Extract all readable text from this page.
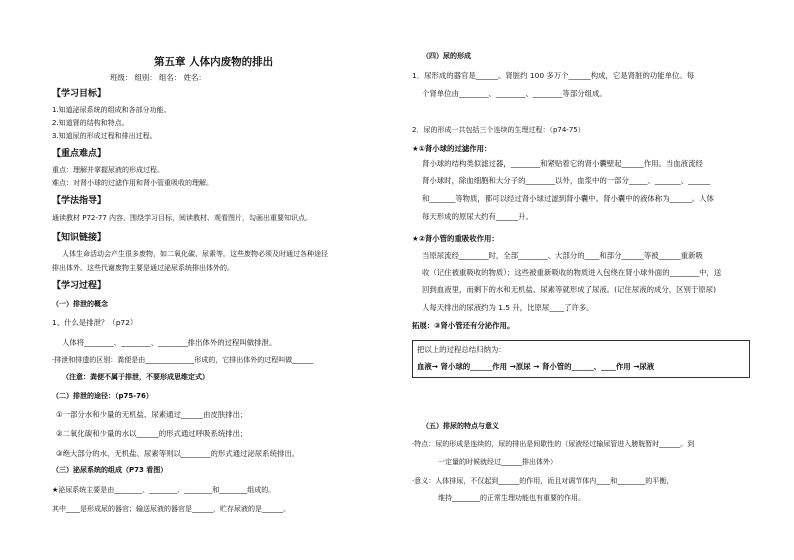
第五章 人体内废物的排出
班级： 组别： 组名： 姓名：
【学习目标】
1.知道泌尿系统的组成和各部分功能。
2.知道肾的结构和特点。
3.知道尿的形成过程和排出过程。
【重点难点】
重点：理解并掌握尿液的形成过程。
难点：对肾小球的过滤作用和肾小管重吸收的理解。
【学法指导】
通读教材 P72-77 内容，围绕学习目标，阅读教材、观看图片，勾画出重要知识点。
【知识链接】
人体生命活动会产生很多废物，如二氧化碳、尿素等。这些废物必须及时通过各种途径
排出体外。这些代谢废物主要是通过泌尿系统排出体外的。
【学习过程】
（一）排泄的概念
1、什么是排泄？（p72）
人体将________、________、________排出体外的过程叫做排泄。
·排泄和排遗的区别：粪便是由______________形成的，它排出体外的过程叫做______
（注意：粪便不属于排泄，不要形成思维定式）
（二）排泄的途径：（p75-76）
①一部分水和少量的无机盐、尿素通过______由皮肤排出；
②二氧化碳和少量的水以______的形式通过呼吸系统排出；
③绝大部分的水、无机盐、尿素等则以________的形式通过泌尿系统排出。
（三）泌尿系统的组成（P73 看图）
★泌尿系统主要是由________、________、________和________组成的。
其中____是形成尿的器官；输送尿液的器官是______，贮存尿液的是______。
（四）尿的形成
1．尿形成的器官是______。肾脏约 100 多万个______构成，它是肾脏的功能单位。每
个肾单位由________、________、________等部分组成。
2．尿的形成一共包括三个连续的生理过程：（p74-75）
★①肾小球的过滤作用：
肾小球的结构类似滤过器，________和紧贴着它的肾小囊壁起______作用。当血液流经
肾小球时，除血细胞和大分子的________以外，血浆中的一部分_____、_______、______
和_______等物质，都可以经过肾小球过滤到肾小囊中。肾小囊中的液体称为______。人体
每天形成的原尿大约有______升。
★②肾小管的重吸收作用：
当原尿流经________时，全部________、大部分的____和部分______等被______重新吸
收（记住被重吸收的物质）；这些被重新吸收的物质进入包绕在肾小球外面的________中，送
回到血液里，而剩下的水和无机盐、尿素等就形成了尿液。(记住尿液的成分，区别于原尿)
人每天排出的尿液约为 1.5 升，比原尿____了许多。
拓展：③肾小管还有分泌作用。
（五）排尿的特点与意义
·特点：尿的形成是连续的，尿的排出是间歇性的（尿液经过输尿管进入膀胱暂时______。到
一定量的时候就经过______排出体外）
·意义：人体排尿，不仅起到______的作用，而且对调节体内____和________的平衡，
维持________的正常生理功能也有重要的作用。
把以上的过程总结归纳为：
血液→ 肾小球的______作用 →原尿 → 肾小管的______、____作用 →尿液
